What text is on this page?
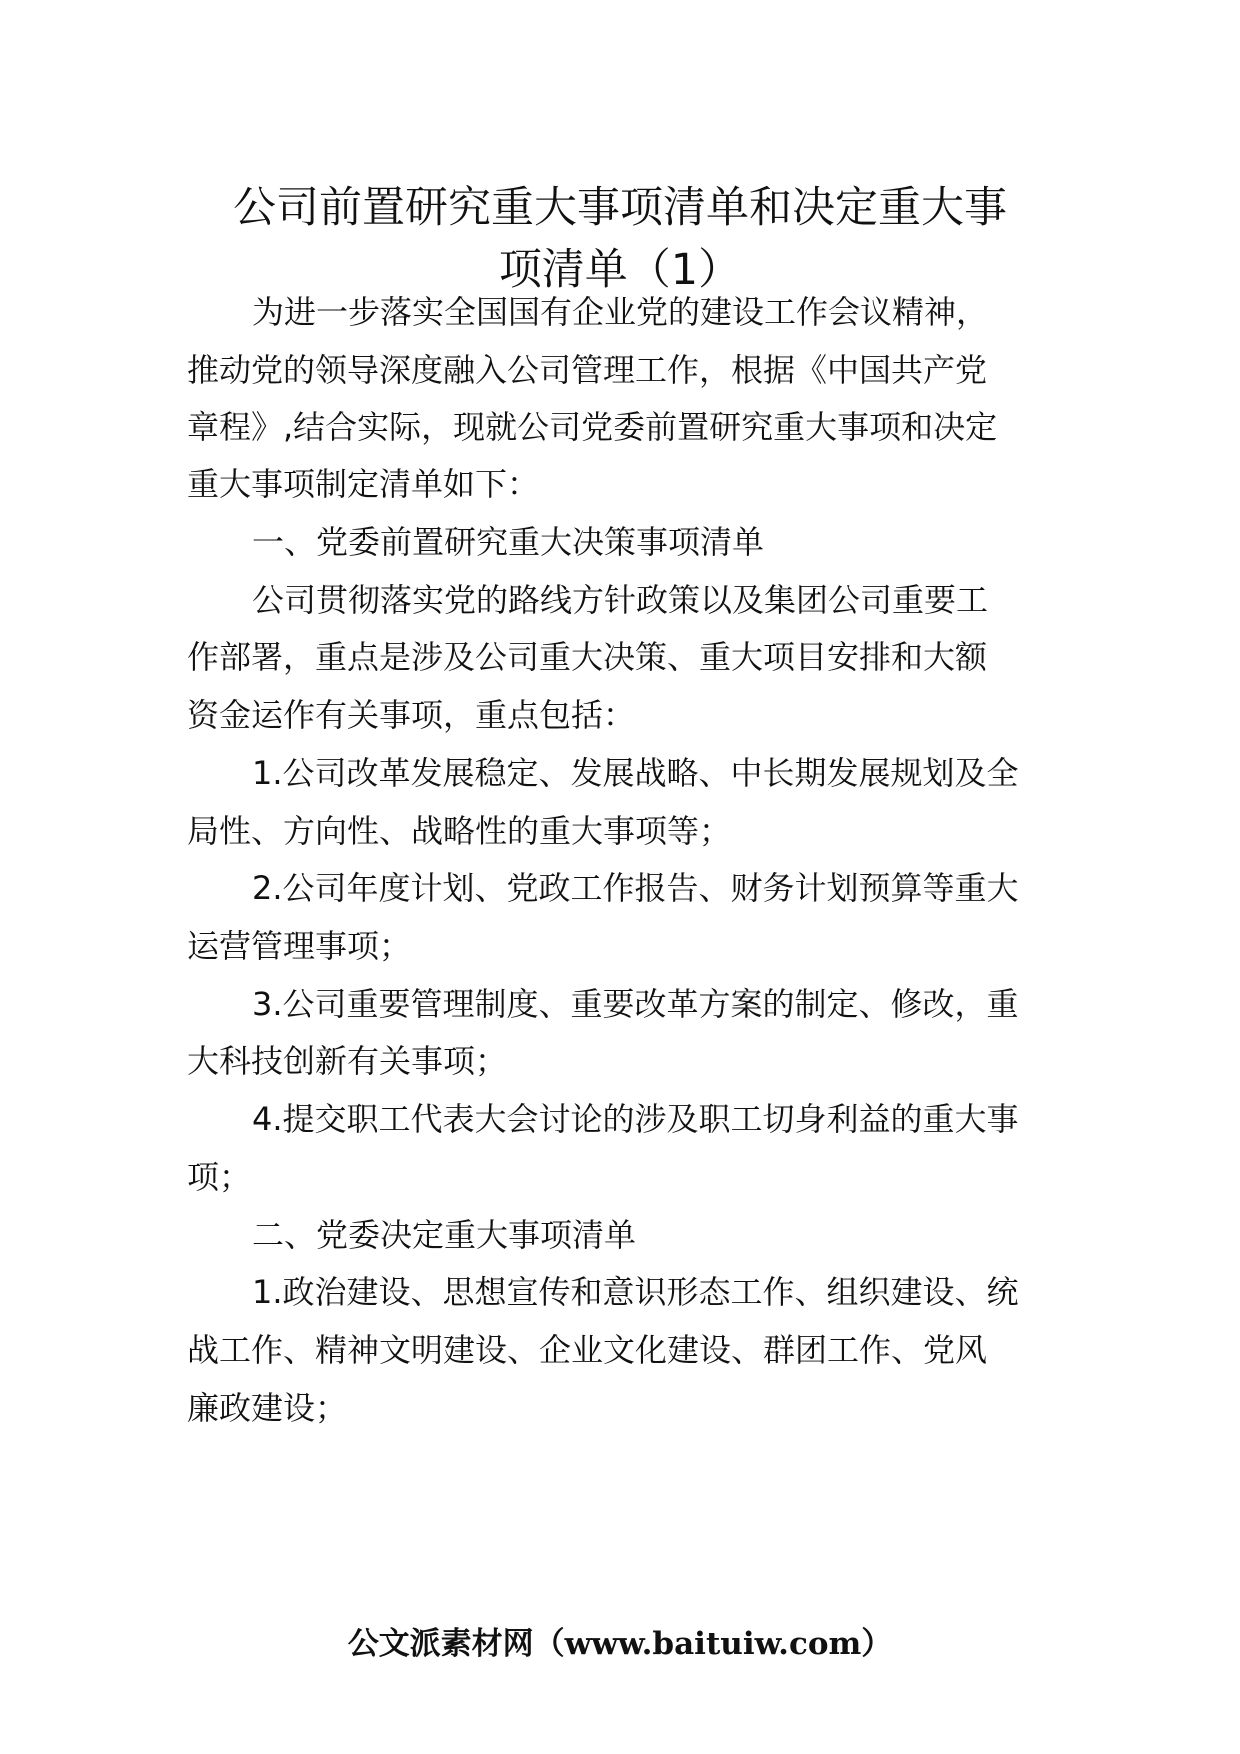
公司前置研究重大事项清单和决定重大事
项清单（1）
为进一步落实全国国有企业党的建设工作会议精神，
推动党的领导深度融入公司管理工作，根据《中国共产党
章程》,结合实际，现就公司党委前置研究重大事项和决定
重大事项制定清单如下：
一、党委前置研究重大决策事项清单
公司贯彻落实党的路线方针政策以及集团公司重要工
作部署，重点是涉及公司重大决策、重大项目安排和大额
资金运作有关事项，重点包括：
1.公司改革发展稳定、发展战略、中长期发展规划及全
局性、方向性、战略性的重大事项等；
2.公司年度计划、党政工作报告、财务计划预算等重大
运营管理事项；
3.公司重要管理制度、重要改革方案的制定、修改，重
大科技创新有关事项；
4.提交职工代表大会讨论的涉及职工切身利益的重大事
项；
二、党委决定重大事项清单
1.政治建设、思想宣传和意识形态工作、组织建设、统
战工作、精神文明建设、企业文化建设、群团工作、党风
廉政建设；
公文派素材网（www.baituiw.com）
